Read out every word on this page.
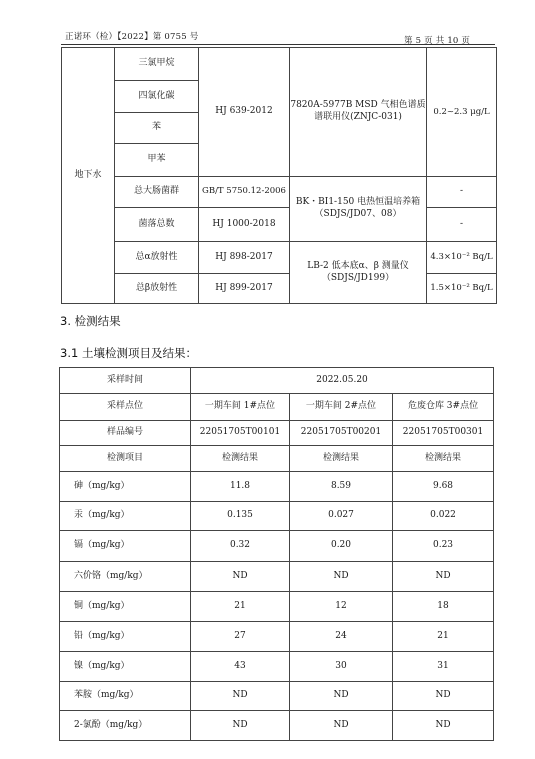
正诺环（检）【2022】第 0755 号	第 5 页 共 10 页
地下水	三氯甲烷	HJ 639-2012	7820A-5977B MSD 气相色谱质谱联用仪(ZNJC-031)	0.2~2.3 μg/L
	四氯化碳			
	苯			
	甲苯			
	总大肠菌群	GB/T 5750.12-2006	BK・BI1-150 电热恒温培养箱（SDJS/JD07、08）	-
	菌落总数	HJ 1000-2018		-
	总α放射性	HJ 898-2017	LB-2 低本底α、β 测量仪（SDJS/JD199）	4.3×10⁻² Bq/L
	总β放射性	HJ 899-2017		1.5×10⁻² Bq/L
3. 检测结果
3.1 土壤检测项目及结果：
采样时间	2022.05.20		
采样点位	一期车间 1#点位	一期车间 2#点位	危废仓库 3#点位
样品编号	22051705T00101	22051705T00201	22051705T00301
检测项目	检测结果	检测结果	检测结果
砷（mg/kg）	11.8	8.59	9.68
汞（mg/kg）	0.135	0.027	0.022
镉（mg/kg）	0.32	0.20	0.23
六价铬（mg/kg）	ND	ND	ND
铜（mg/kg）	21	12	18
铅（mg/kg）	27	24	21
镍（mg/kg）	43	30	31
苯胺（mg/kg）	ND	ND	ND
2-氯酚（mg/kg）	ND	ND	ND
